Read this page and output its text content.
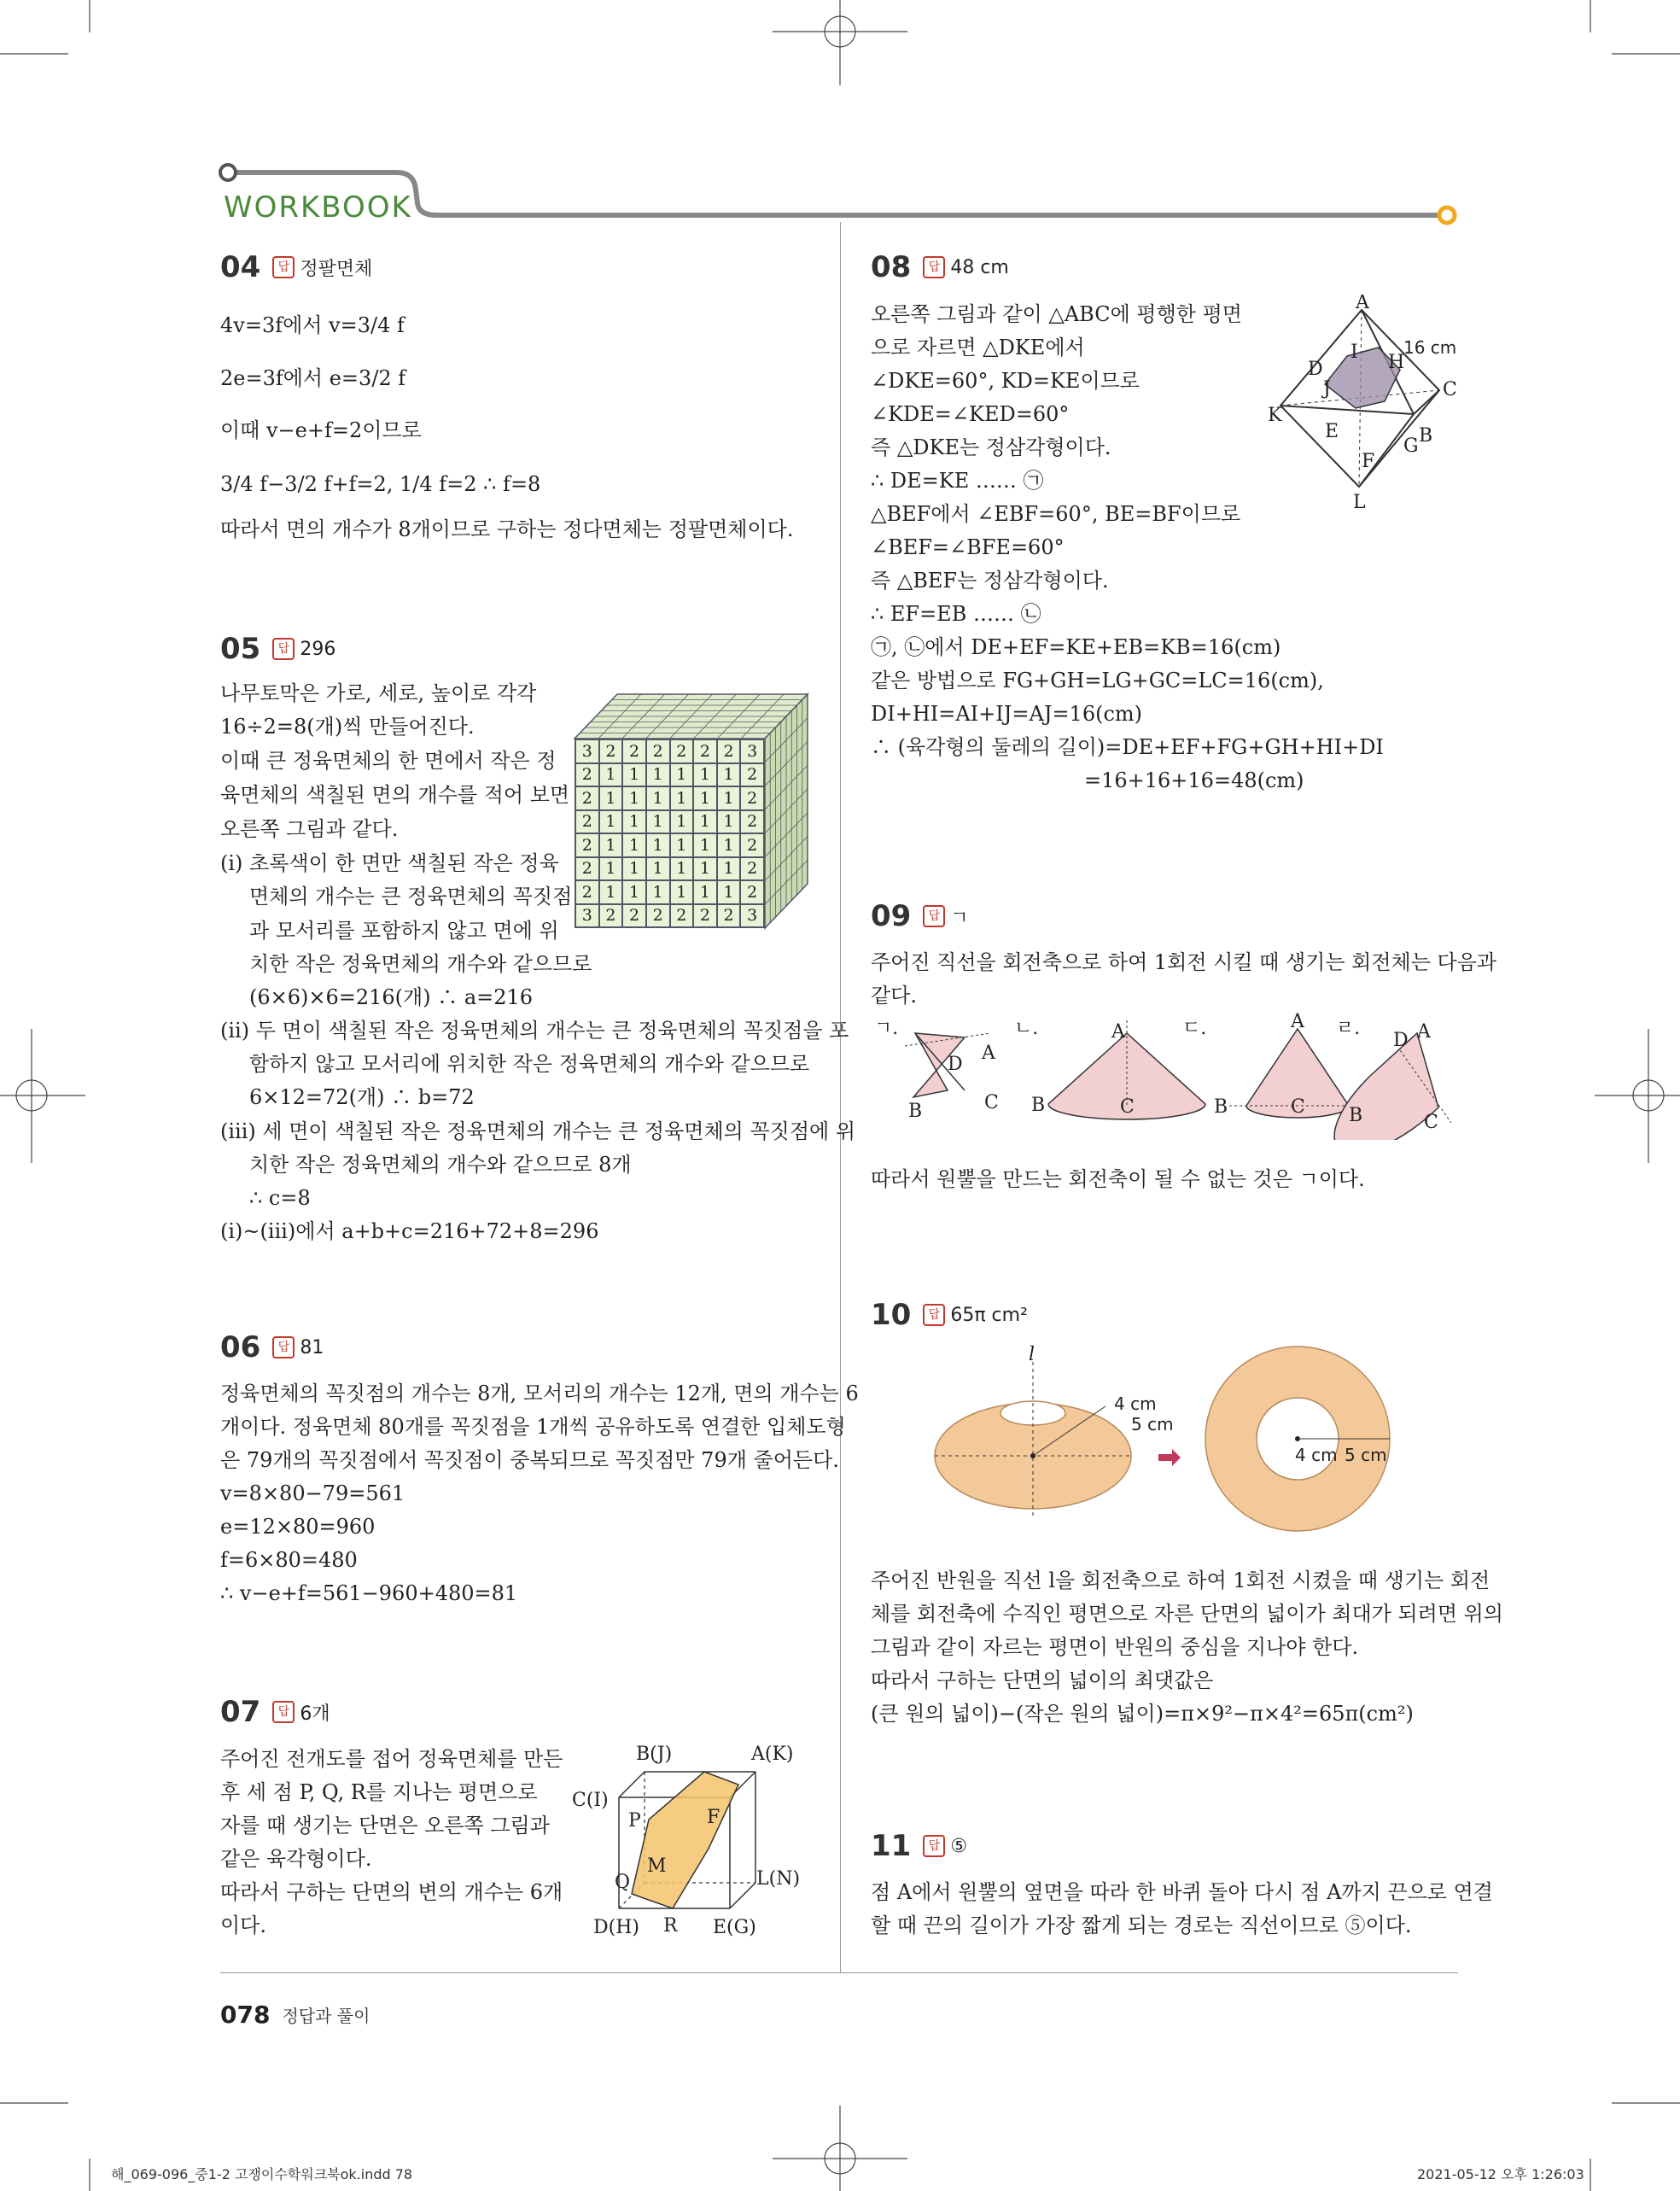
WORKBOOK
04	답 정팔면체
4v=3f에서 v=3/4 f
2e=3f에서 e=3/2 f
이때 v−e+f=2이므로
3/4 f−3/2 f+f=2, 1/4 f=2 ∴ f=8
따라서 면의 개수가 8개이므로 구하는 정다면체는 정팔면체이다.
05	답 296
나무토막은 가로, 세로, 높이로 각각
16÷2=8(개)씩 만들어진다.
이때 큰 정육면체의 한 면에서 작은 정
육면체의 색칠된 면의 개수를 적어 보면
오른쪽 그림과 같다.
(ⅰ) 초록색이 한 면만 색칠된 작은 정육
면체의 개수는 큰 정육면체의 꼭짓점
과 모서리를 포함하지 않고 면에 위
치한 작은 정육면체의 개수와 같으므로
(6×6)×6=216(개) ∴ a=216
(ⅱ) 두 면이 색칠된 작은 정육면체의 개수는 큰 정육면체의 꼭짓점을 포
함하지 않고 모서리에 위치한 작은 정육면체의 개수와 같으므로
6×12=72(개) ∴ b=72
(ⅲ) 세 면이 색칠된 작은 정육면체의 개수는 큰 정육면체의 꼭짓점에 위
치한 작은 정육면체의 개수와 같으므로 8개
∴ c=8
(ⅰ)~(ⅲ)에서 a+b+c=216+72+8=296
3 2 2 2 2 2 2 3
2 1 1 1 1 1 1 2
2 1 1 1 1 1 1 2
2 1 1 1 1 1 1 2
2 1 1 1 1 1 1 2
2 1 1 1 1 1 1 2
2 1 1 1 1 1 1 2
3 2 2 2 2 2 2 3
06	답 81
정육면체의 꼭짓점의 개수는 8개, 모서리의 개수는 12개, 면의 개수는 6
개이다. 정육면체 80개를 꼭짓점을 1개씩 공유하도록 연결한 입체도형
은 79개의 꼭짓점에서 꼭짓점이 중복되므로 꼭짓점만 79개 줄어든다.
v=8×80−79=561
e=12×80=960
f=6×80=480
∴ v−e+f=561−960+480=81
07	답 6개
주어진 전개도를 접어 정육면체를 만든
후 세 점 P, Q, R를 지나는 평면으로
자를 때 생기는 단면은 오른쪽 그림과
같은 육각형이다.
따라서 구하는 단면의 변의 개수는 6개
이다.
B(J)	A(K)
C(I)
P	F
M
Q	L(N)
D(H) R E(G)
08	답 48 cm
오른쪽 그림과 같이 △ABC에 평행한 평면
으로 자르면 △DKE에서
∠DKE=60°, KD=KE이므로
∠KDE=∠KED=60°
즉 △DKE는 정삼각형이다.
∴ DE=KE …… ㉠
△BEF에서 ∠EBF=60°, BE=BF이므로
∠BEF=∠BFE=60°
즉 △BEF는 정삼각형이다.
∴ EF=EB …… ㉡
㉠, ㉡에서 DE+EF=KE+EB=KB=16(cm)
같은 방법으로 FG+GH=LG+GC=LC=16(cm),
DI+HI=AI+IJ=AJ=16(cm)
∴ (육각형의 둘레의 길이)=DE+EF+FG+GH+HI+DI
=16+16+16=48(cm)
A
I	16 cm
D	H
C
J
K
E	B
G
F
L
09	답 ㄱ
주어진 직선을 회전축으로 하여 1회전 시킬 때 생기는 회전체는 다음과
같다.
ㄱ.
D
A
B	C
ㄴ.	A
B	C
ㄷ.	A
B	C
ㄹ.
D A
B	C
따라서 원뿔을 만드는 회전축이 될 수 없는 것은 ㄱ이다.
10	답 65π cm²
l
4 cm
5 cm
4 cm 5 cm
주어진 반원을 직선 l을 회전축으로 하여 1회전 시켰을 때 생기는 회전
체를 회전축에 수직인 평면으로 자른 단면의 넓이가 최대가 되려면 위의
그림과 같이 자르는 평면이 반원의 중심을 지나야 한다.
따라서 구하는 단면의 넓이의 최댓값은
(큰 원의 넓이)−(작은 원의 넓이)=π×9²−π×4²=65π(cm²)
11	답 ⑤
점 A에서 원뿔의 옆면을 따라 한 바퀴 돌아 다시 점 A까지 끈으로 연결
할 때 끈의 길이가 가장 짧게 되는 경로는 직선이므로 ⑤이다.
078 정답과 풀이
해_069-096_중1-2 고쟁이수학워크북ok.indd 78	2021-05-12 오후 1:26:03
